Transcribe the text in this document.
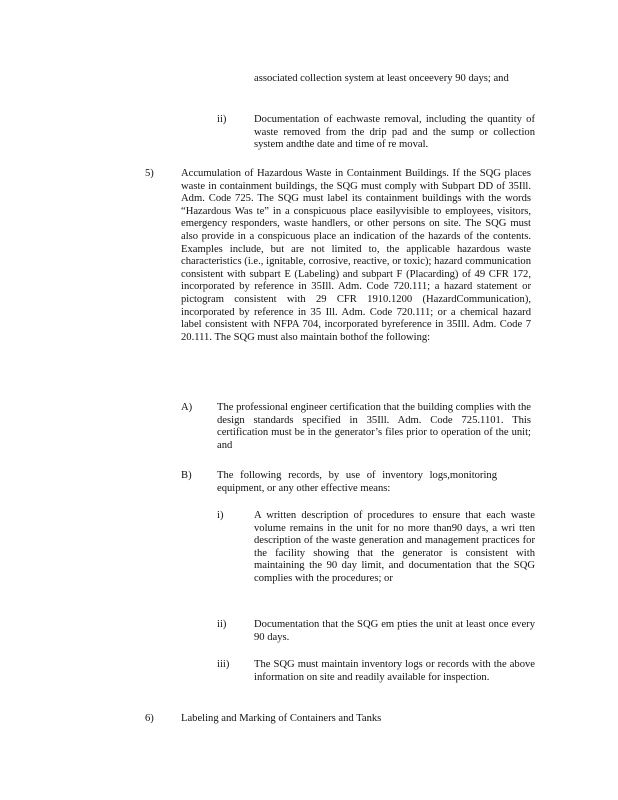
associated collection system at least onceevery 90 days; and

ii)	Documentation of eachwaste removal, including the quantity of waste removed from the drip pad and the sump or collection system andthe date and time of re moval.

5)	Accumulation of Hazardous Waste in Containment Buildings. If the SQG places waste in containment buildings, the SQG must comply with Subpart DD of 35Ill. Adm. Code 725. The SQG must label its containment buildings with the words “Hazardous Was te” in a conspicuous place easilyvisible to employees, visitors, emergency responders, waste handlers, or other persons on site. The SQG must also provide in a conspicuous place an indication of the hazards of the contents. Examples include, but are not limited to, the applicable hazardous waste characteristics (i.e., ignitable, corrosive, reactive, or toxic); hazard communication consistent with subpart E (Labeling) and subpart F (Placarding) of 49 CFR 172, incorporated by reference in 35Ill. Adm. Code 720.111; a hazard statement or pictogram consistent with 29 CFR 1910.1200 (HazardCommunication), incorporated by reference in 35 Ill. Adm. Code 720.111; or a chemical hazard label consistent with NFPA 704, incorporated byreference in 35Ill. Adm. Code 7 20.111. The SQG must also maintain bothof the following:

A) The professional engineer certification that the building complies with the design standards specified in 35Ill. Adm. Code 725.1101. This certification must be in the generator’s files prior to operation of the unit; and

B) The following records, by use of inventory logs,monitoring equipment, or any other effective means:

i)	A written description of procedures to ensure that each waste volume remains in the unit for no more than90 days, a wri tten description of the waste generation and management practices for the facility showing that the generator is consistent with maintaining the 90 day limit, and documentation that the SQG complies with the procedures; or

ii)	Documentation that the SQG em pties the unit at least once every 90 days.

iii) The SQG must maintain inventory logs or records with the above information on site and readily available for inspection.

6)	Labeling and Marking of Containers and Tanks
